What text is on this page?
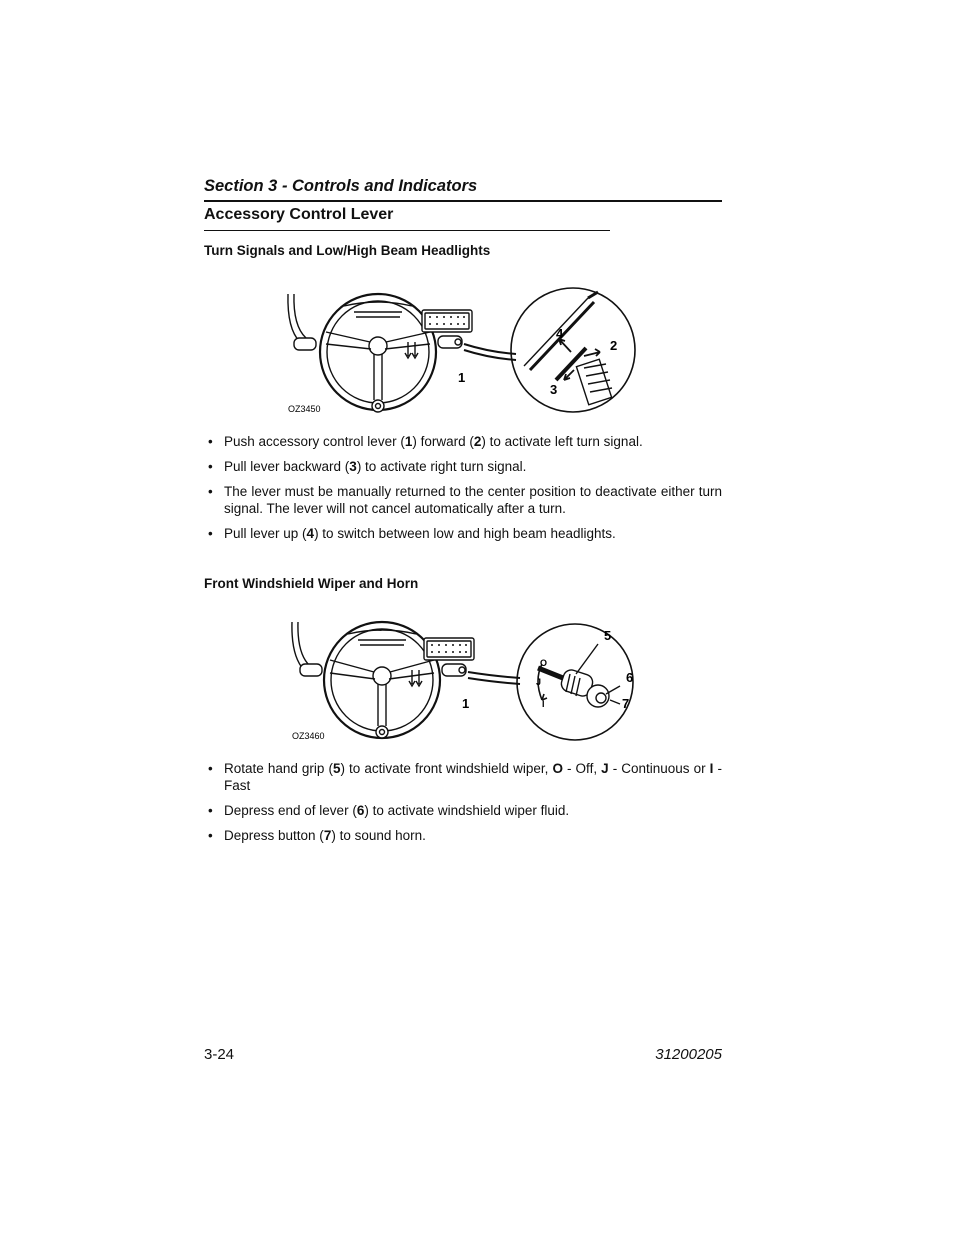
Section 3 - Controls and Indicators
Accessory Control Lever
Turn Signals and Low/High Beam Headlights
1
2
3
4
OZ3450
• Push accessory control lever (1) forward (2) to activate left turn signal.
• Pull lever backward (3) to activate right turn signal.
• The lever must be manually returned to the center position to deactivate either turn signal. The lever will not cancel automatically after a turn.
• Pull lever up (4) to switch between low and high beam headlights.
Front Windshield Wiper and Horn
1
5
6
7
O
J
I
OZ3460
• Rotate hand grip (5) to activate front windshield wiper, O - Off, J - Continuous or I - Fast
• Depress end of lever (6) to activate windshield wiper fluid.
• Depress button (7) to sound horn.

3-24	31200205
